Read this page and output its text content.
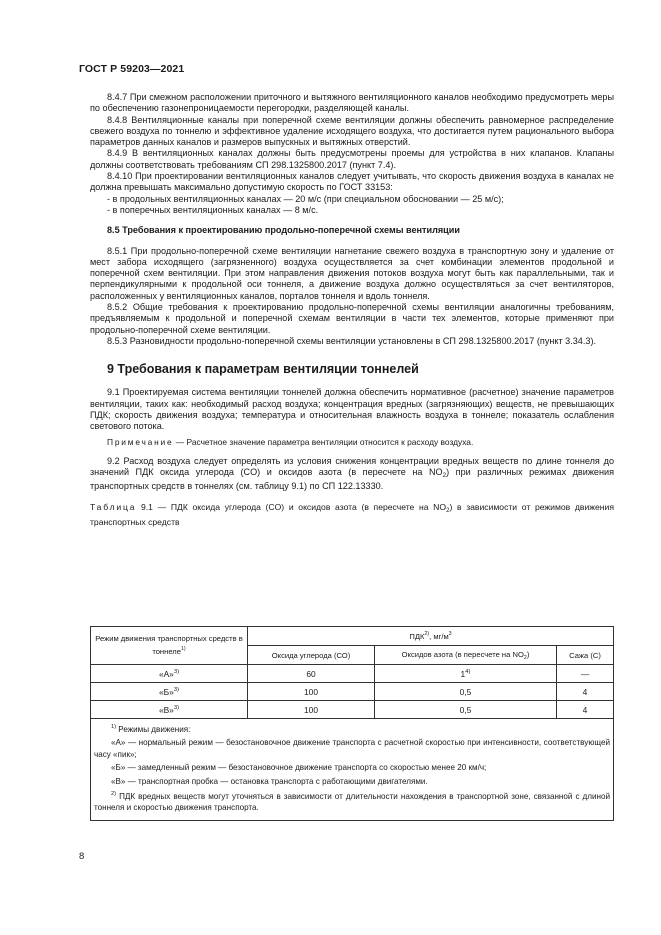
ГОСТ Р 59203—2021

8.4.7 При смежном расположении приточного и вытяжного вентиляционного каналов необходимо предусмотреть меры по обеспечению газонепроницаемости перегородки, разделяющей каналы.

8.4.8 Вентиляционные каналы при поперечной схеме вентиляции должны обеспечить равномерное распределение свежего воздуха по тоннелю и эффективное удаление исходящего воздуха, что достигается путем рационального выбора параметров данных каналов и размеров выпускных и вытяжных отверстий.

8.4.9 В вентиляционных каналах должны быть предусмотрены проемы для устройства в них клапанов. Клапаны должны соответствовать требованиям СП 298.1325800.2017 (пункт 7.4).

8.4.10 При проектировании вентиляционных каналов следует учитывать, что скорость движения воздуха в каналах не должна превышать максимально допустимую скорость по ГОСТ 33153:

- в продольных вентиляционных каналах — 20 м/с (при специальном обосновании — 25 м/с);

- в поперечных вентиляционных каналах — 8 м/с.

8.5 Требования к проектированию продольно-поперечной схемы вентиляции

8.5.1 При продольно-поперечной схеме вентиляции нагнетание свежего воздуха в транспортную зону и удаление от мест забора исходящего (загрязненного) воздуха осуществляется за счет комбинации элементов продольной и поперечной схем вентиляции. При этом направления движения потоков воздуха могут быть как параллельными, так и перпендикулярными к продольной оси тоннеля, а движение воздуха должно осуществляться за счет вентиляторов, расположенных у вентиляционных каналов, порталов тоннеля и вдоль тоннеля.

8.5.2 Общие требования к проектированию продольно-поперечной схемы вентиляции аналогичны требованиям, предъявляемым к продольной и поперечной схемам вентиляции в части тех элементов, которые применяют при продольно-поперечной схеме вентиляции.

8.5.3 Разновидности продольно-поперечной схемы вентиляции установлены в СП 298.1325800.2017 (пункт 3.34.3).

9 Требования к параметрам вентиляции тоннелей

9.1 Проектируемая система вентиляции тоннелей должна обеспечить нормативное (расчетное) значение параметров вентиляции, таких как: необходимый расход воздуха; концентрация вредных (загрязняющих) веществ, не превышающих ПДК; скорость движения воздуха; температура и относительная влажность воздуха в тоннеле; показатель ослабления светового потока.

Примечание — Расчетное значение параметра вентиляции относится к расходу воздуха.

9.2 Расход воздуха следует определять из условия снижения концентрации вредных веществ по длине тоннеля до значений ПДК оксида углерода (CO) и оксидов азота (в пересчете на $NO_2$) при различных режимах движения транспортных средств в тоннелях (см. таблицу 9.1) по СП 122.13330.

Таблица 9.1 — ПДК оксида углерода (CO) и оксидов азота (в пересчете на $NO_2$) в зависимости от режимов движения транспортных средств

Режим движения транспортных средств в тоннеле$^{1)}$	ПДК$^{2)}$, $мг/м^3$
	Оксида углерода (СО)	Оксидов азота (в пересчете на $NO_2$)	Сажа (С)
«А»$^{3)}$	60	1$^{4)}$	—
«Б»$^{3)}$	100	0,5	4
«В»$^{3)}$	100	0,5	4

$^{1)}$ Режимы движения:

«А» — нормальный режим — безостановочное движение транспорта с расчетной скоростью при интенсивности, соответствующей часу «пик»;

«Б» — замедленный режим — безостановочное движение транспорта со скоростью менее 20 км/ч;

«В» — транспортная пробка — остановка транспорта с работающими двигателями.

$^{2)}$ ПДК вредных веществ могут уточняться в зависимости от длительности нахождения в транспортной зоне, связанной с длиной тоннеля и скоростью движения транспорта.			

8
